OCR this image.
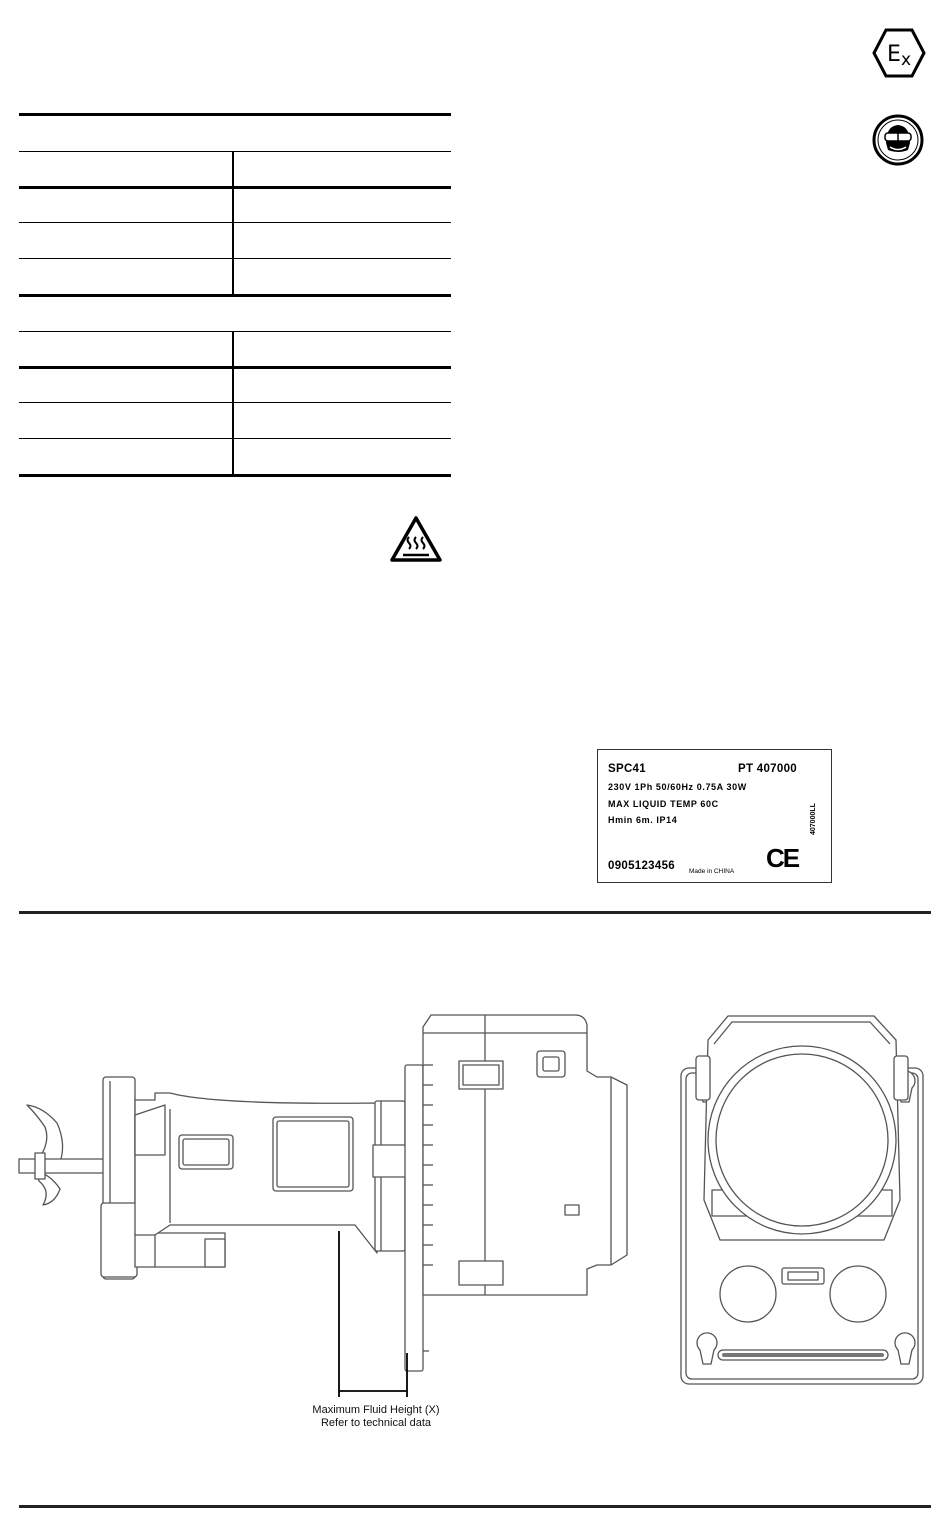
E x
SPC41	PT 407000
230V 1Ph 50/60Hz 0.75A 30W
MAX LIQUID TEMP 60C
Hmin 6m. IP14
0905123456 Made in CHINA CE
407000LL
Maximum Fluid Height (X)
Refer to technical data
